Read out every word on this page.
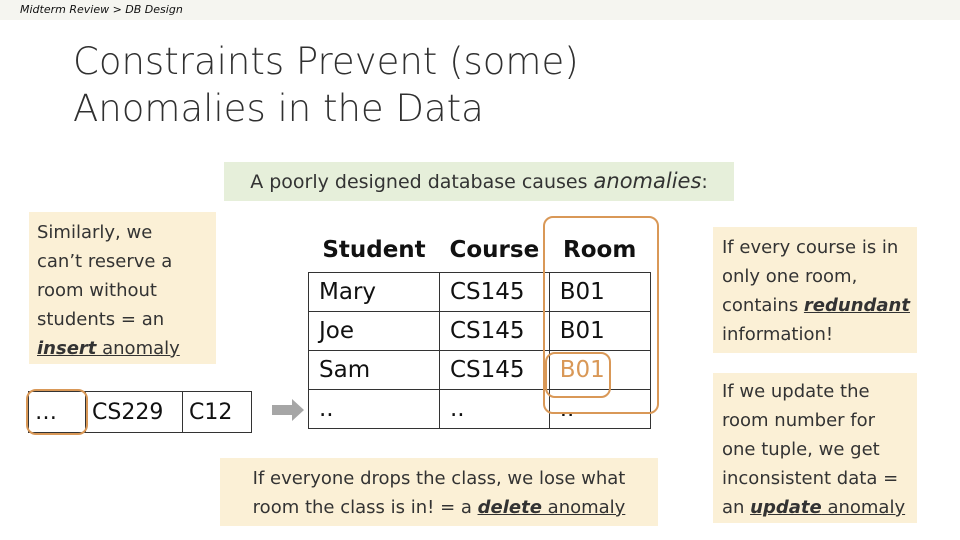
Midterm Review > DB Design
Constraints Prevent (some)
Anomalies in the Data
A poorly designed database causes anomalies:
Similarly, we
can’t reserve a
room without
students = an
insert anomaly
…	CS229	C12
Student	Course	Room
Mary	CS145	B01
Joe	CS145	B01
Sam	CS145	B01
..	..	..
If every course is in
only one room,
contains redundant
information!
If we update the
room number for
one tuple, we get
inconsistent data =
an update anomaly
If everyone drops the class, we lose what
room the class is in! = a delete anomaly
